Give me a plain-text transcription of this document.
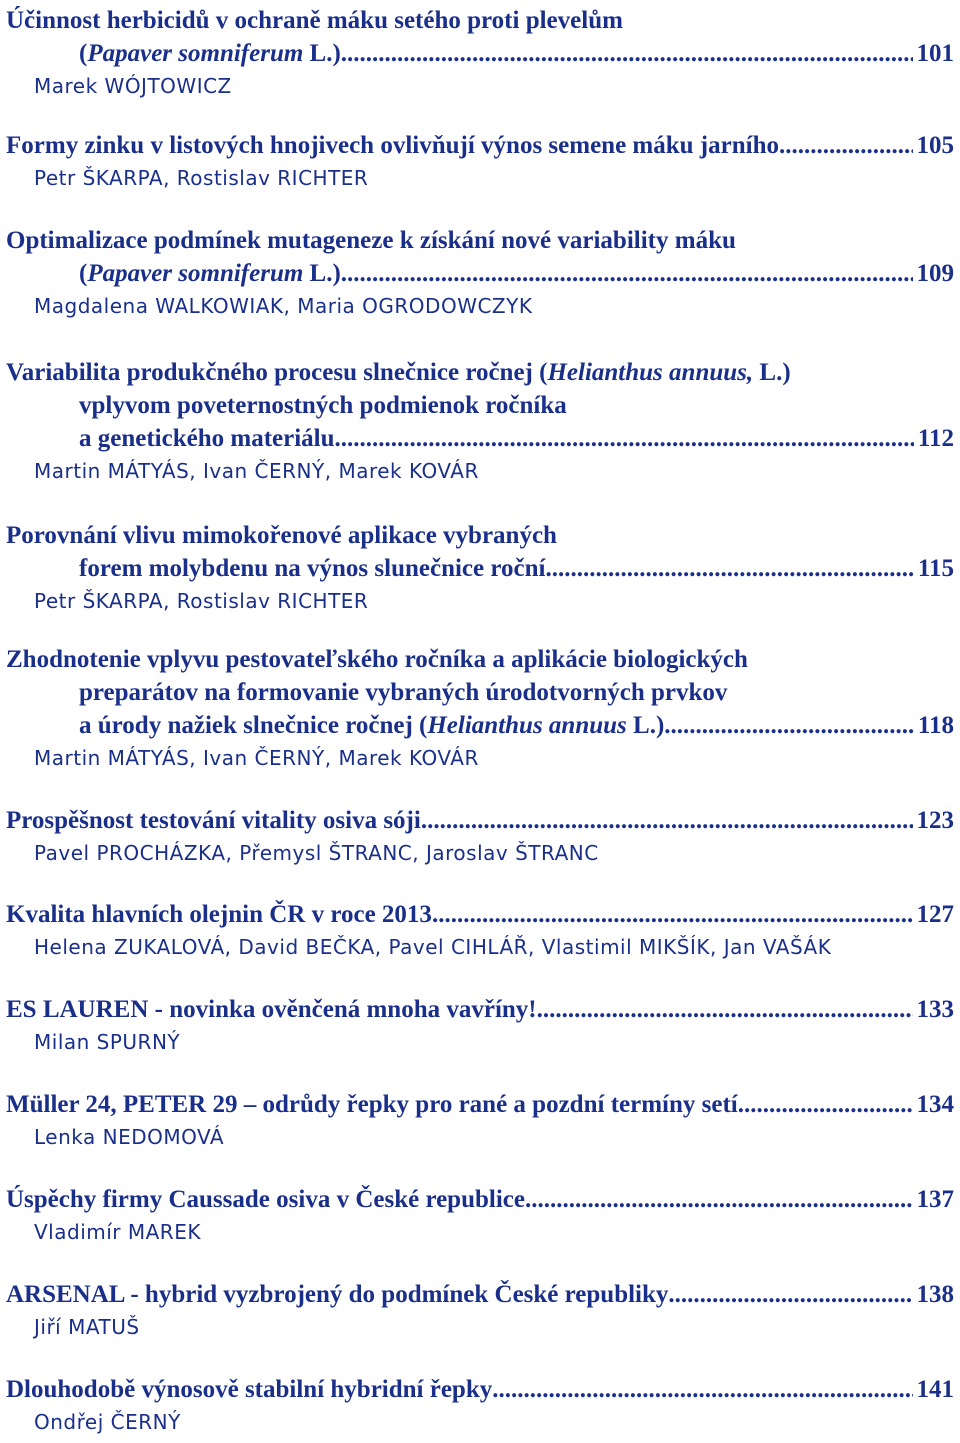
Účinnost herbicidů v ochraně máku setého proti plevelům
(Papaver somniferum L.) .....	101
Marek WÓJTOWICZ
Formy zinku v listových hnojivech ovlivňují výnos semene máku jarního .....	105
Petr ŠKARPA, Rostislav RICHTER
Optimalizace podmínek mutageneze k získání nové variability máku
(Papaver somniferum L.) .....	109
Magdalena WALKOWIAK, Maria OGRODOWCZYK
Variabilita produkčného procesu slnečnice ročnej (Helianthus annuus, L.)
vplyvom poveternostných podmienok ročníka
a genetického materiálu .....	112
Martin MÁTYÁS, Ivan ČERNÝ, Marek KOVÁR
Porovnání vlivu mimokořenové aplikace vybraných
forem molybdenu na výnos slunečnice roční .....	115
Petr ŠKARPA, Rostislav RICHTER
Zhodnotenie vplyvu pestovateľského ročníka a aplikácie biologických
preparátov na formovanie vybraných úrodotvorných prvkov
a úrody nažiek slnečnice ročnej (Helianthus annuus L.) .....	118
Martin MÁTYÁS, Ivan ČERNÝ, Marek KOVÁR
Prospěšnost testování vitality osiva sóji .....	123
Pavel PROCHÁZKA, Přemysl ŠTRANC, Jaroslav ŠTRANC
Kvalita hlavních olejnin ČR v roce 2013 .....	127
Helena ZUKALOVÁ, David BEČKA, Pavel CIHLÁŘ, Vlastimil MIKŠÍK, Jan VAŠÁK
ES LAUREN - novinka ověnčená mnoha vavříny! .....	133
Milan SPURNÝ
Müller 24, PETER 29 – odrůdy řepky pro rané a pozdní termíny setí .....	134
Lenka NEDOMOVÁ
Úspěchy firmy Caussade osiva v České republice .....	137
Vladimír MAREK
ARSENAL - hybrid vyzbrojený do podmínek České republiky .....	138
Jiří MATUŠ
Dlouhodobě výnosově stabilní hybridní řepky .....	141
Ondřej ČERNÝ
